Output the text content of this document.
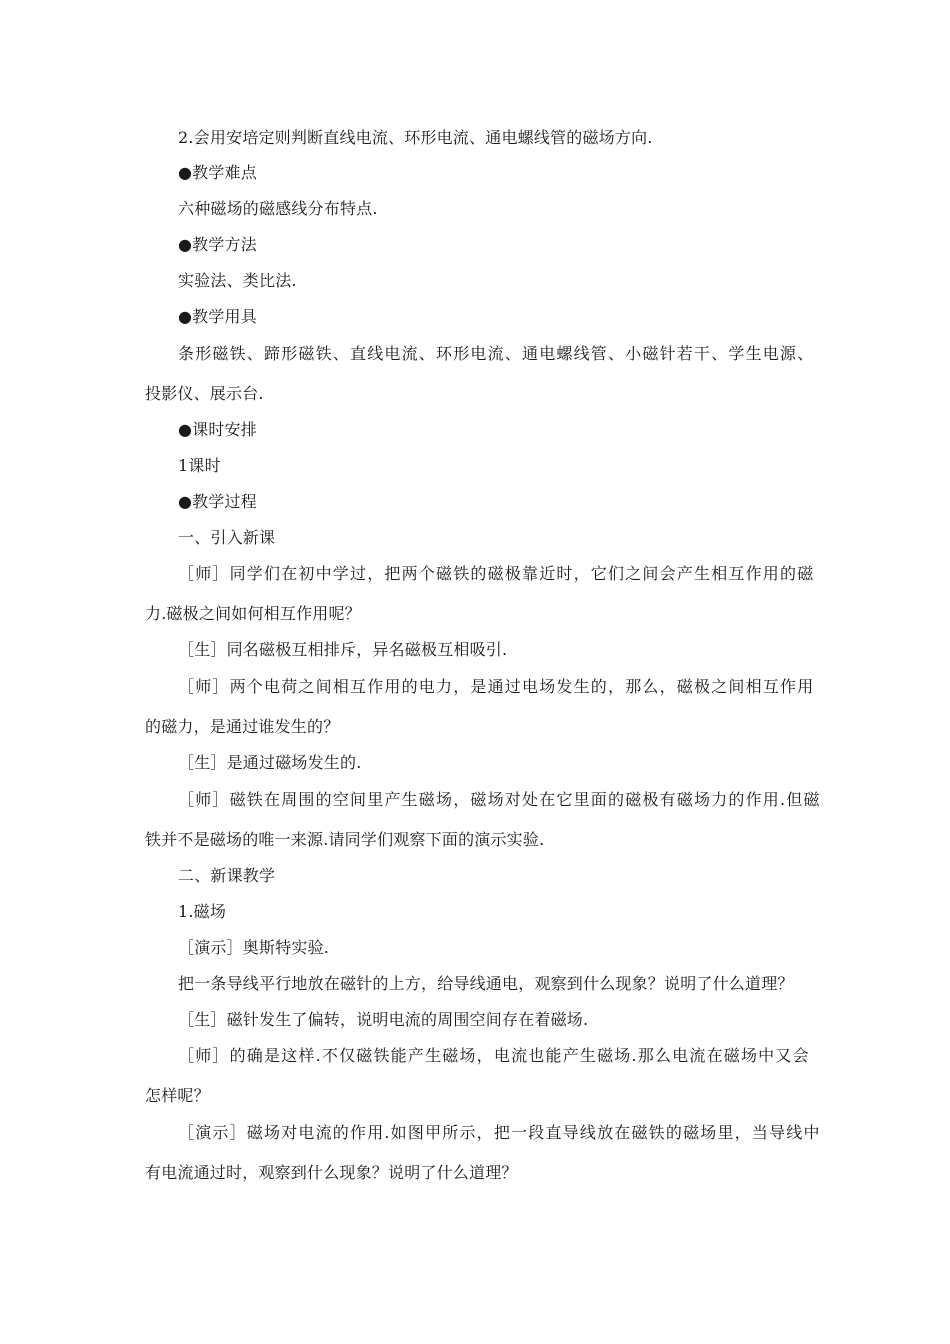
2.会用安培定则判断直线电流、环形电流、通电螺线管的磁场方向.
●教学难点
六种磁场的磁感线分布特点.
●教学方法
实验法、类比法.
●教学用具
条形磁铁、蹄形磁铁、直线电流、环形电流、通电螺线管、小磁针若干、学生电源、
投影仪、展示台.
●课时安排
1课时
●教学过程
一、引入新课
［师］同学们在初中学过，把两个磁铁的磁极靠近时，它们之间会产生相互作用的磁
力.磁极之间如何相互作用呢？
［生］同名磁极互相排斥，异名磁极互相吸引.
［师］两个电荷之间相互作用的电力，是通过电场发生的，那么，磁极之间相互作用
的磁力，是通过谁发生的？
［生］是通过磁场发生的.
［师］磁铁在周围的空间里产生磁场，磁场对处在它里面的磁极有磁场力的作用.但磁
铁并不是磁场的唯一来源.请同学们观察下面的演示实验.
二、新课教学
1.磁场
［演示］奥斯特实验.
把一条导线平行地放在磁针的上方，给导线通电，观察到什么现象？说明了什么道理？
［生］磁针发生了偏转，说明电流的周围空间存在着磁场.
［师］的确是这样.不仅磁铁能产生磁场，电流也能产生磁场.那么电流在磁场中又会
怎样呢？
［演示］磁场对电流的作用.如图甲所示，把一段直导线放在磁铁的磁场里，当导线中
有电流通过时，观察到什么现象？说明了什么道理？
